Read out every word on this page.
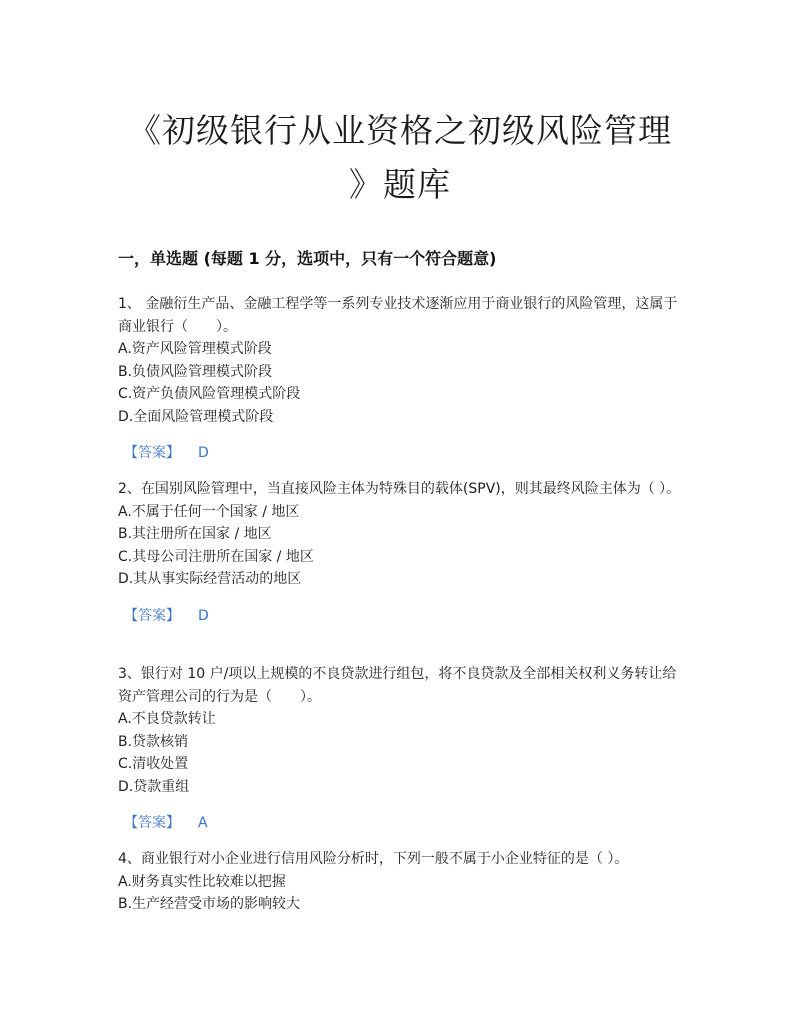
《初级银行从业资格之初级风险管理
》题库
一，单选题 (每题 1 分，选项中，只有一个符合题意)
1、 金融衍生产品、金融工程学等一系列专业技术逐渐应用于商业银行的风险管理，这属于商业银行（　　）。
A.资产风险管理模式阶段
B.负债风险管理模式阶段
C.资产负债风险管理模式阶段
D.全面风险管理模式阶段
【答案】 D
2、在国别风险管理中，当直接风险主体为特殊目的载体(SPV)，则其最终风险主体为（ ）。
A.不属于任何一个国家 / 地区
B.其注册所在国家 / 地区
C.其母公司注册所在国家 / 地区
D.其从事实际经营活动的地区
【答案】 D
3、银行对 10 户/项以上规模的不良贷款进行组包，将不良贷款及全部相关权利义务转让给资产管理公司的行为是（　　）。
A.不良贷款转让
B.贷款核销
C.清收处置
D.贷款重组
【答案】 A
4、商业银行对小企业进行信用风险分析时，下列一般不属于小企业特征的是（ ）。
A.财务真实性比较难以把握
B.生产经营受市场的影响较大
